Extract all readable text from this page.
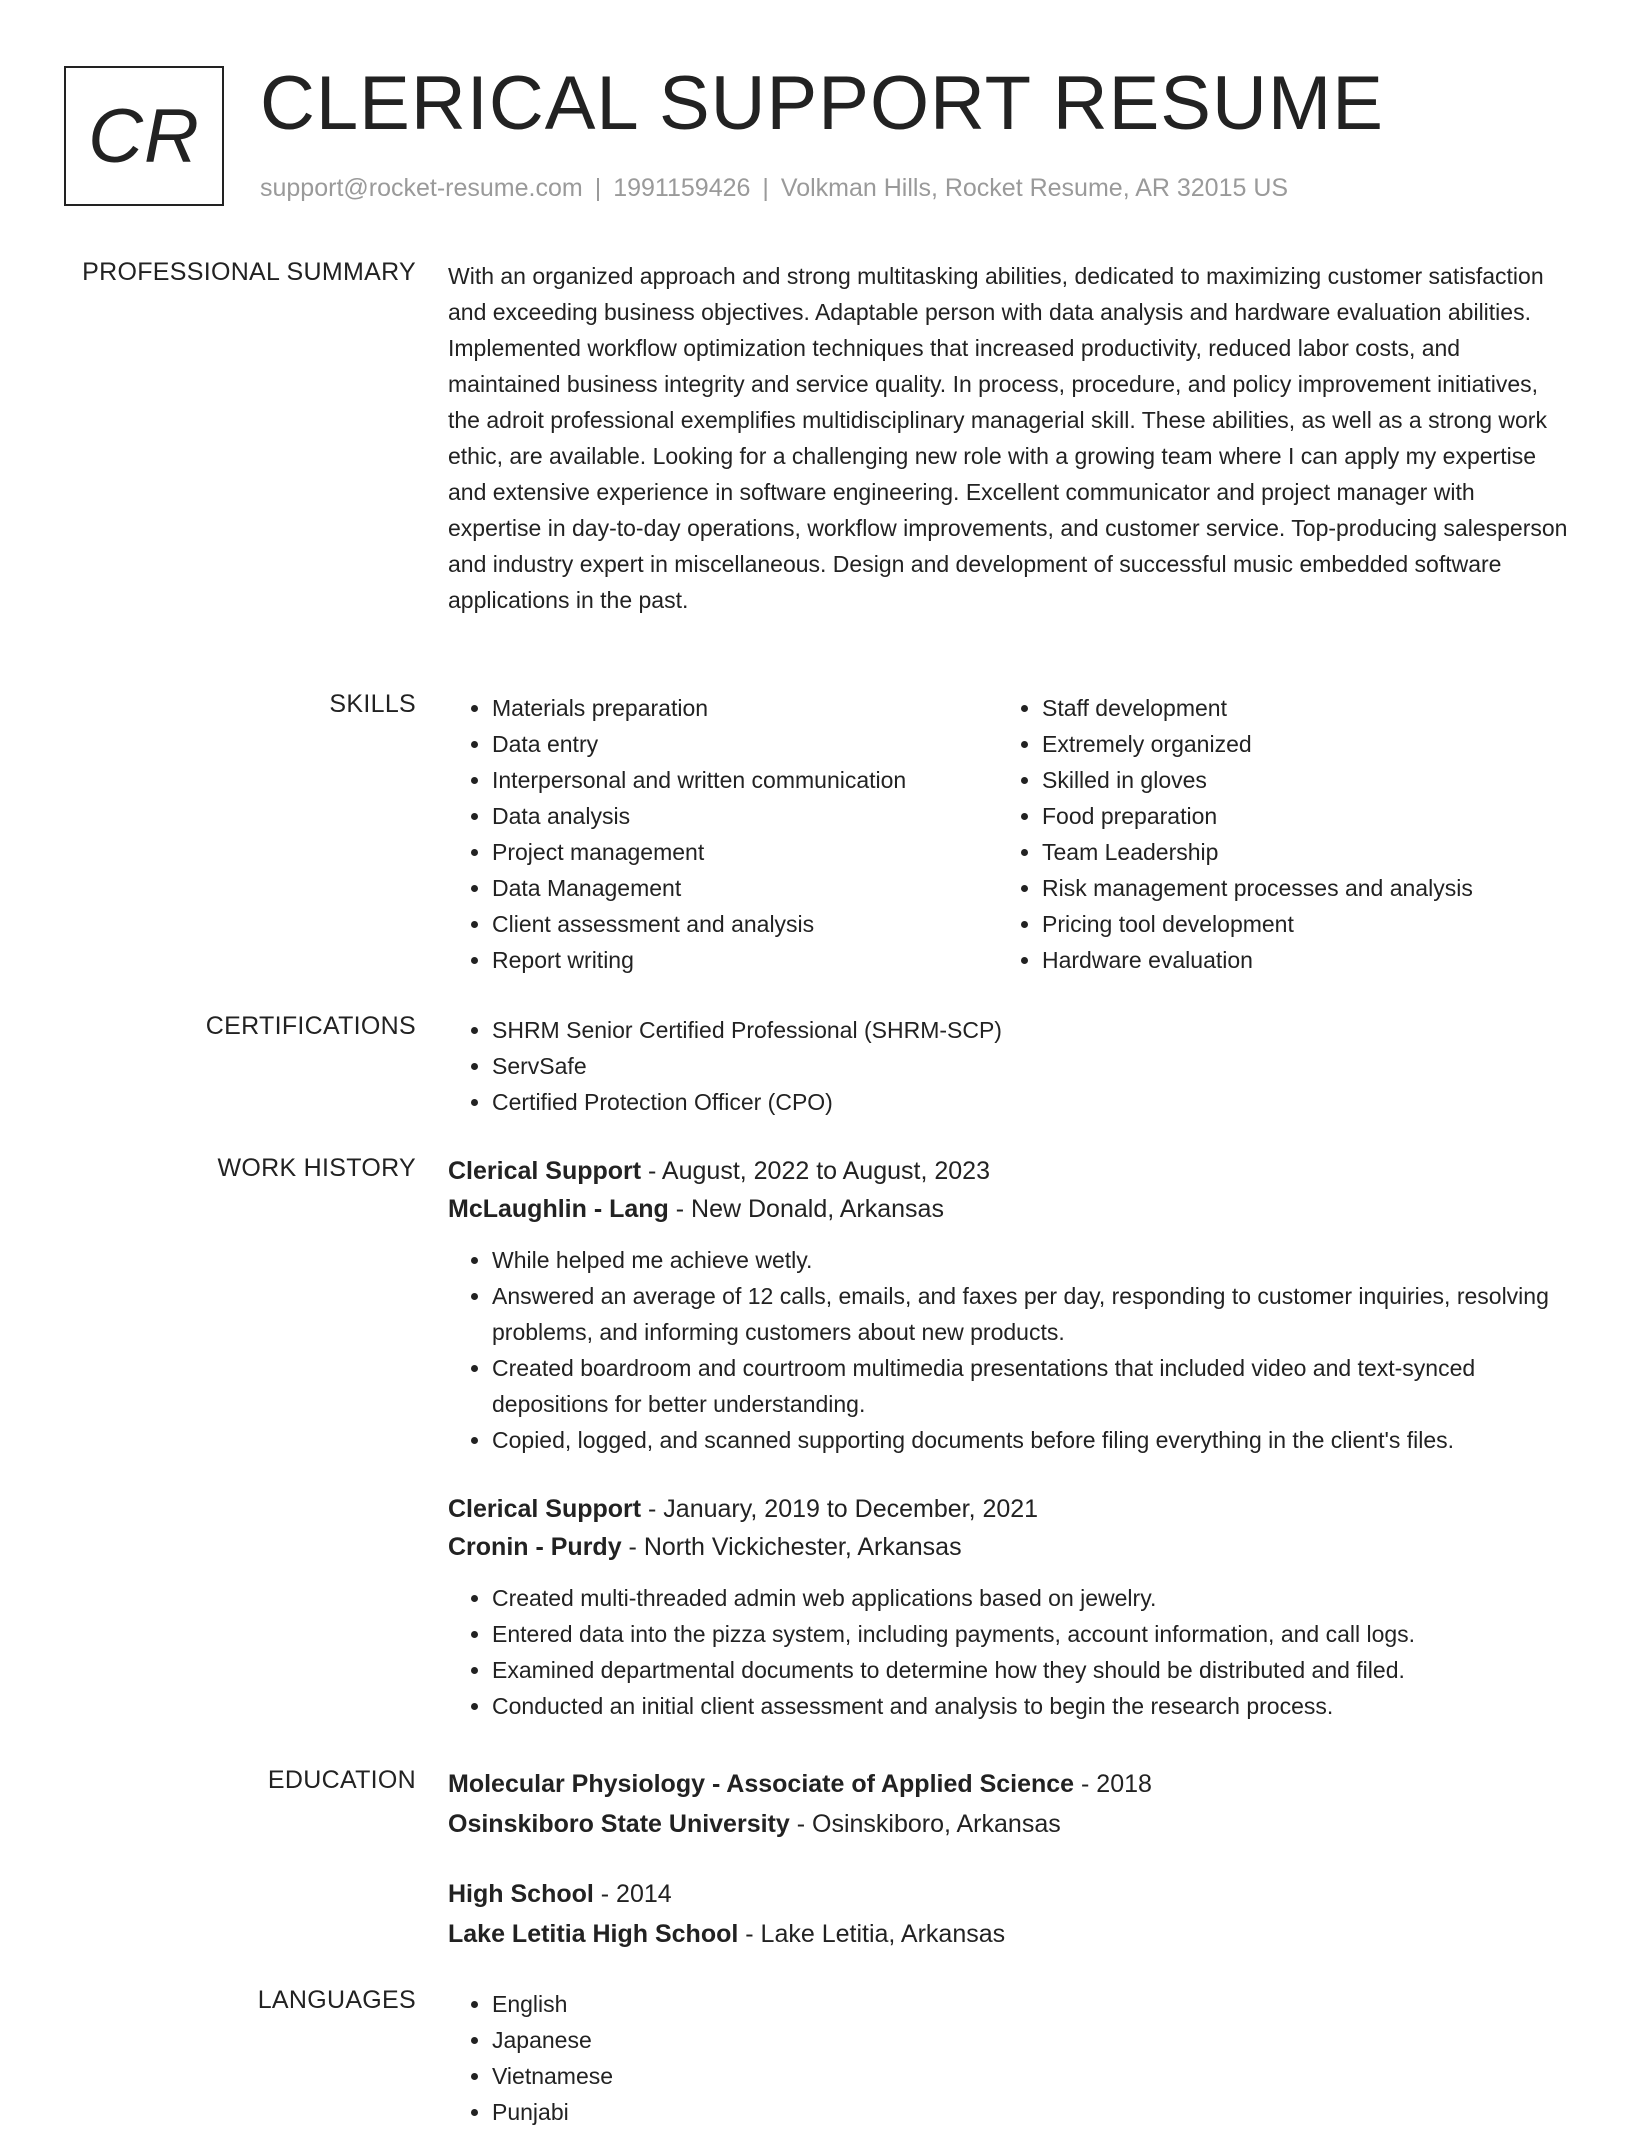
CR CLERICAL SUPPORT RESUME
support@rocket-resume.com | 1991159426 | Volkman Hills, Rocket Resume, AR 32015 US
PROFESSIONAL SUMMARY With an organized approach and strong multitasking abilities, dedicated to maximizing customer satisfaction and exceeding business objectives. Adaptable person with data analysis and hardware evaluation abilities. Implemented workflow optimization techniques that increased productivity, reduced labor costs, and maintained business integrity and service quality. In process, procedure, and policy improvement initiatives, the adroit professional exemplifies multidisciplinary managerial skill. These abilities, as well as a strong work ethic, are available. Looking for a challenging new role with a growing team where I can apply my expertise and extensive experience in software engineering. Excellent communicator and project manager with expertise in day-to-day operations, workflow improvements, and customer service. Top-producing salesperson and industry expert in miscellaneous. Design and development of successful music embedded software applications in the past.

SKILLS	• Materials preparation
• Data entry
• Interpersonal and written communication
• Data analysis
• Project management
• Data Management
• Client assessment and analysis
• Report writing
• Staff development
• Extremely organized
• Skilled in gloves
• Food preparation
• Team Leadership
• Risk management processes and analysis
• Pricing tool development
• Hardware evaluation
CERTIFICATIONS	• SHRM Senior Certified Professional (SHRM-SCP)
• ServSafe
• Certified Protection Officer (CPO)
WORK HISTORY Clerical Support - August, 2022 to August, 2023
McLaughlin - Lang - New Donald, Arkansas
• While helped me achieve wetly.
• Answered an average of 12 calls, emails, and faxes per day, responding to customer inquiries, resolving problems, and informing customers about new products.
• Created boardroom and courtroom multimedia presentations that included video and text-synced depositions for better understanding.
• Copied, logged, and scanned supporting documents before filing everything in the client's files.
Clerical Support - January, 2019 to December, 2021
Cronin - Purdy - North Vickichester, Arkansas
• Created multi-threaded admin web applications based on jewelry.
• Entered data into the pizza system, including payments, account information, and call logs.
• Examined departmental documents to determine how they should be distributed and filed.
• Conducted an initial client assessment and analysis to begin the research process.
EDUCATION Molecular Physiology - Associate of Applied Science - 2018
Osinskiboro State University - Osinskiboro, Arkansas
High School - 2014
Lake Letitia High School - Lake Letitia, Arkansas
LANGUAGES	• English
• Japanese
• Vietnamese
• Punjabi
